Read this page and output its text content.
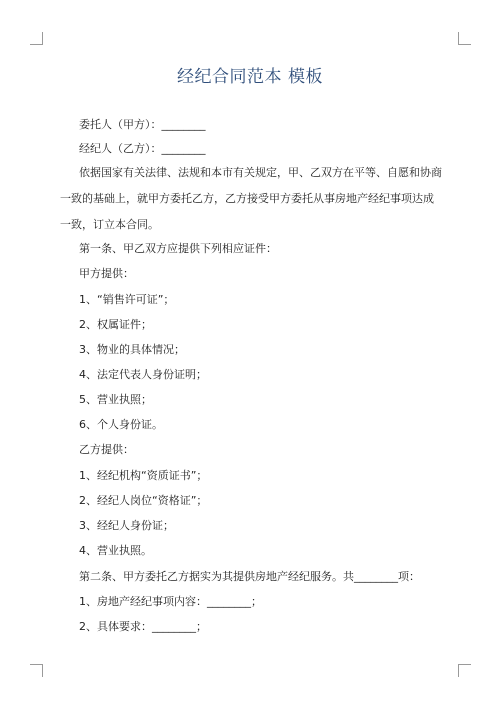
经纪合同范本 模板
委托人（甲方）：________
经纪人（乙方）：________
依据国家有关法律、法规和本市有关规定，甲、乙双方在平等、自愿和协商一致的基础上，就甲方委托乙方，乙方接受甲方委托从事房地产经纪事项达成一致，订立本合同。
第一条、甲乙双方应提供下列相应证件：
甲方提供：
1、“销售许可证”；
2、权属证件；
3、物业的具体情况；
4、法定代表人身份证明；
5、营业执照；
6、个人身份证。
乙方提供：
1、经纪机构“资质证书”；
2、经纪人岗位“资格证”；
3、经纪人身份证；
4、营业执照。
第二条、甲方委托乙方据实为其提供房地产经纪服务。共________项：
1、房地产经纪事项内容：________；
2、具体要求：________；
